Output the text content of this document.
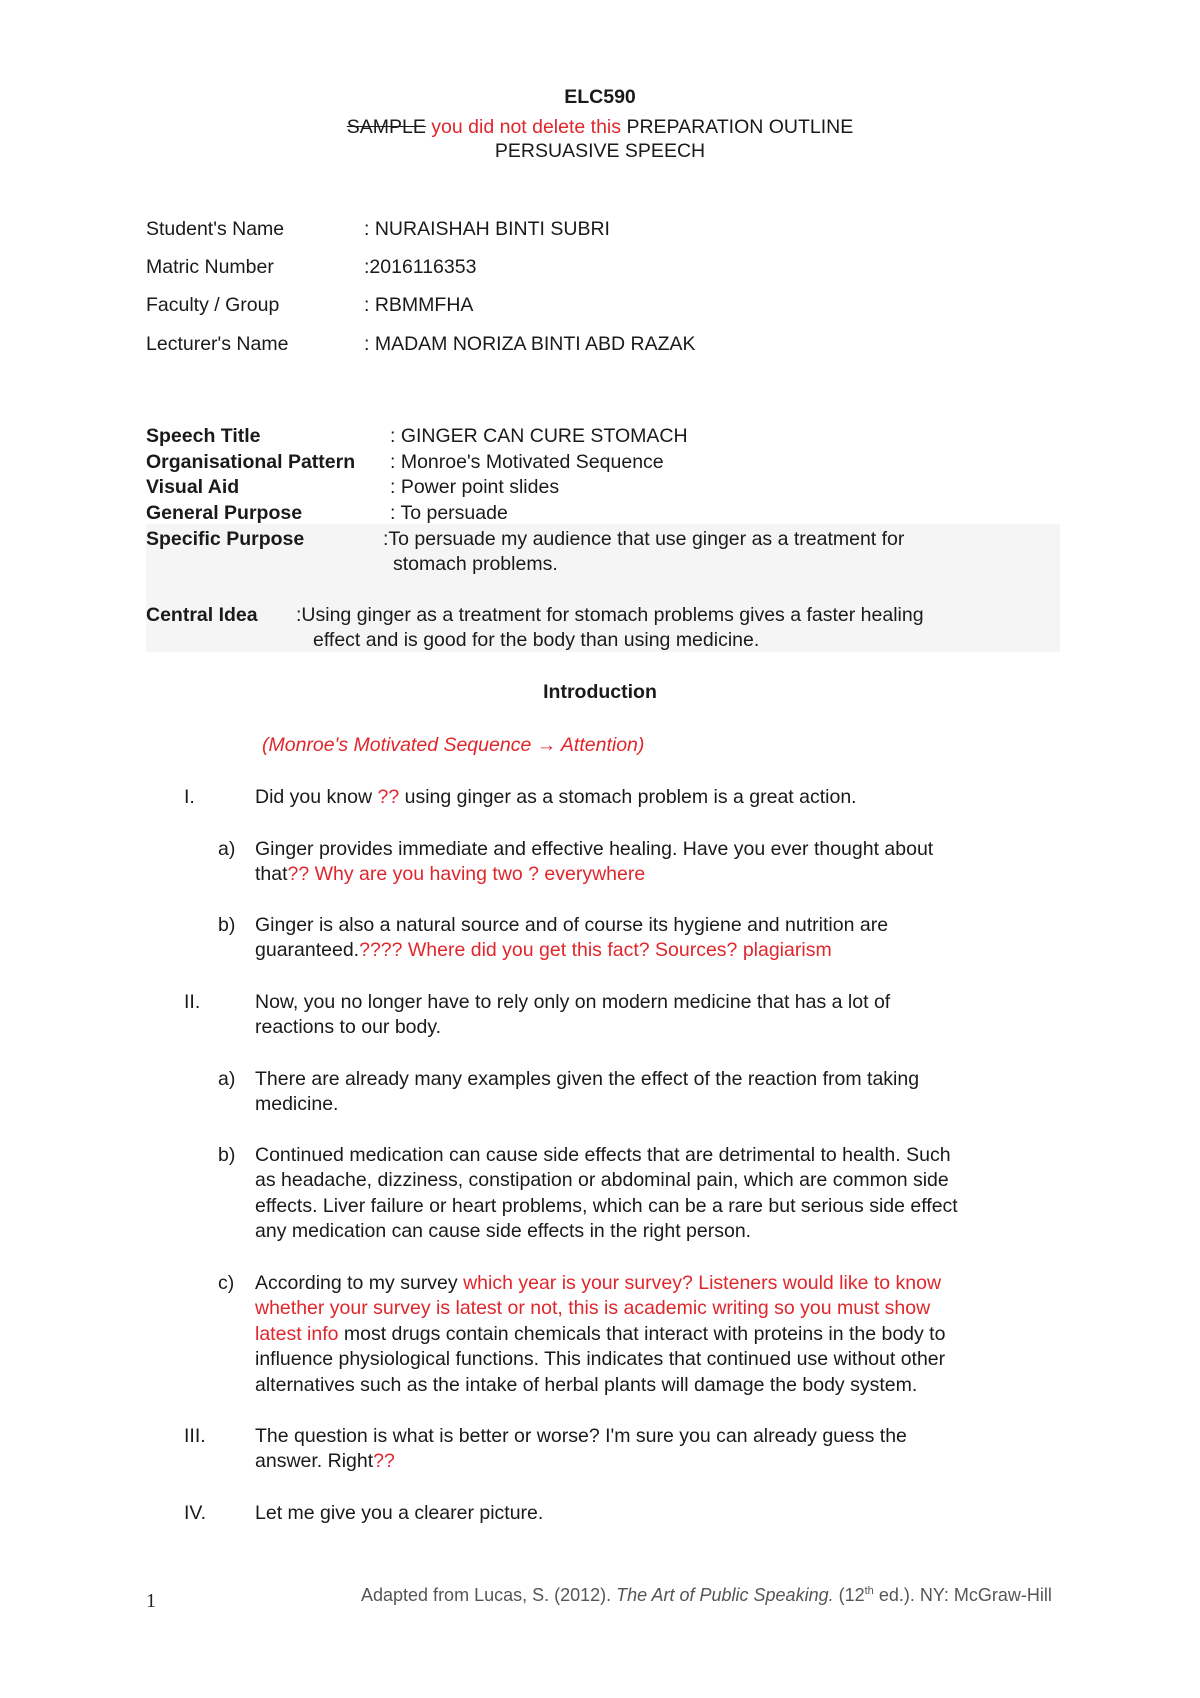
ELC590
SAMPLE you did not delete this PREPARATION OUTLINE
PERSUASIVE SPEECH
Student's Name	: NURAISHAH BINTI SUBRI
Matric Number	:2016116353
Faculty / Group	: RBMMFHA
Lecturer's Name	: MADAM NORIZA BINTI ABD RAZAK
Speech Title	: GINGER CAN CURE STOMACH
Organisational Pattern : Monroe's Motivated Sequence
Visual Aid	: Power point slides
General Purpose	: To persuade
Specific Purpose	:To persuade my audience that use ginger as a treatment for
stomach problems.
Central Idea :Using ginger as a treatment for stomach problems gives a faster healing
effect and is good for the body than using medicine.
Introduction
(Monroe's Motivated Sequence → Attention)
I.	Did you know ?? using ginger as a stomach problem is a great action.
a) Ginger provides immediate and effective healing. Have you ever thought about
that?? Why are you having two ? everywhere
b) Ginger is also a natural source and of course its hygiene and nutrition are
guaranteed.???? Where did you get this fact? Sources? plagiarism
II.	Now, you no longer have to rely only on modern medicine that has a lot of
reactions to our body.
a) There are already many examples given the effect of the reaction from taking
medicine.
b) Continued medication can cause side effects that are detrimental to health. Such
as headache, dizziness, constipation or abdominal pain, which are common side
effects. Liver failure or heart problems, which can be a rare but serious side effect
any medication can cause side effects in the right person.
c) According to my survey which year is your survey? Listeners would like to know
whether your survey is latest or not, this is academic writing so you must show
latest info most drugs contain chemicals that interact with proteins in the body to
influence physiological functions. This indicates that continued use without other
alternatives such as the intake of herbal plants will damage the body system.
III.	The question is what is better or worse? I'm sure you can already guess the
answer. Right??
IV.	Let me give you a clearer picture.
1	Adapted from Lucas, S. (2012). The Art of Public Speaking. (12th ed.). NY: McGraw-Hill
